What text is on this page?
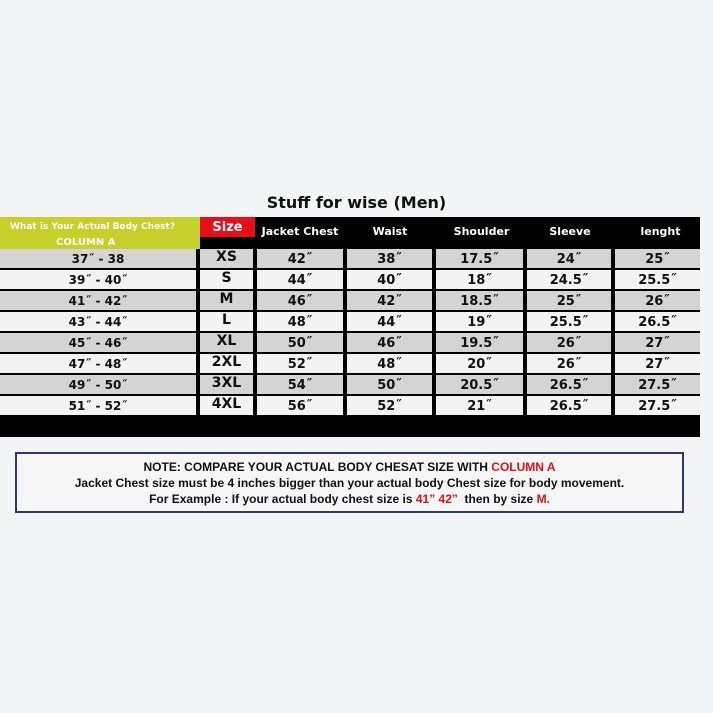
Stuff for wise (Men)
What is Your Actual Body Chest?
COLUMN A
Size	Jacket Chest	Waist	Shoulder	Sleeve	lenght
37˝ - 38	XS	42˝	38˝	17.5˝	24˝	25˝
39˝ - 40˝	S	44˝	40˝	18˝	24.5˝	25.5˝
41˝ - 42˝	M	46˝	42˝	18.5˝	25˝	26˝
43˝ - 44˝	L	48˝	44˝	19˝	25.5˝	26.5˝
45˝ - 46˝	XL	50˝	46˝	19.5˝	26˝	27˝
47˝ - 48˝	2XL	52˝	48˝	20˝	26˝	27˝
49˝ - 50˝	3XL	54˝	50˝	20.5˝	26.5˝	27.5˝
51˝ - 52˝	4XL	56˝	52˝	21˝	26.5˝	27.5˝
NOTE: COMPARE YOUR ACTUAL BODY CHESAT SIZE WITH COLUMN A
Jacket Chest size must be 4 inches bigger than your actual body Chest size for body movement.
For Example : If your actual body chest size is 41” 42”  then by size M.
